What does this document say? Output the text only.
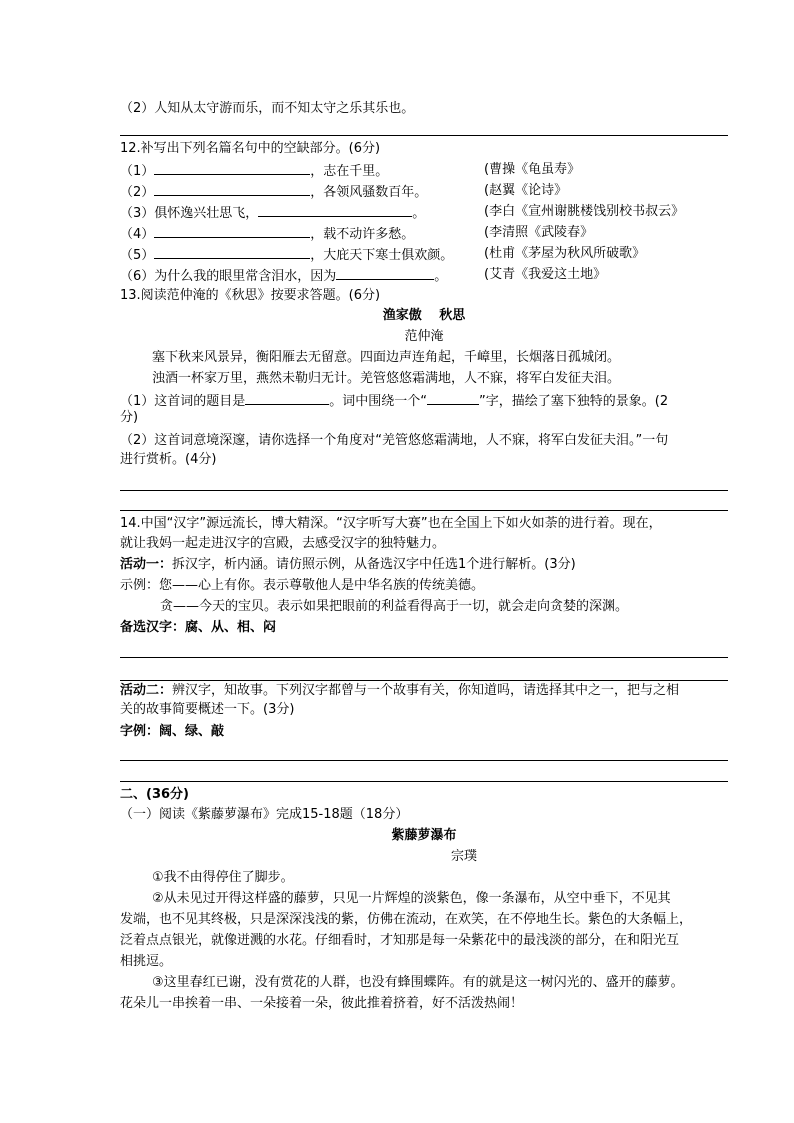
（2）人知从太守游而乐，而不知太守之乐其乐也。
12.补写出下列名篇名句中的空缺部分。(6分)
（1）	，志在千里。	(曹操《龟虽寿》
（2）	，各领风骚数百年。	(赵翼《论诗》
（3）俱怀逸兴壮思飞，	。	(李白《宣州谢脁楼饯别校书叔云》
（4）	，载不动许多愁。	(李清照《武陵春》
（5）	，大庇天下寒士俱欢颜。 (杜甫《茅屋为秋风所破歌》
（6）为什么我的眼里常含泪水，因为	。	(艾青《我爱这土地》
13.阅读范仲淹的《秋思》按要求答题。(6分)
渔家傲　 秋思
范仲淹
塞下秋来风景异，衡阳雁去无留意。四面边声连角起，千嶂里，长烟落日孤城闭。
浊酒一杯家万里，燕然未勒归无计。羌管悠悠霜满地，人不寐，将军白发征夫泪。
（1）这首词的题目是	。词中围绕一个“	”字，描绘了塞下独特的景象。(2
分)
（2）这首词意境深邃，请你选择一个角度对“羌管悠悠霜满地，人不寐，将军白发征夫泪。”一句
进行赏析。(4分)
14.中国“汉字”源远流长，博大精深。“汉字听写大赛”也在全国上下如火如荼的进行着。现在，
就让我妈一起走进汉字的宫殿，去感受汉字的独特魅力。
活动一：拆汉字，析内涵。请仿照示例，从备选汉字中任选1个进行解析。(3分)
示例：您——心上有你。表示尊敬他人是中华名族的传统美德。
贪——今天的宝贝。表示如果把眼前的利益看得高于一切，就会走向贪婪的深渊。
备选汉字：腐、从、相、闷
活动二：辨汉字，知故事。下列汉字都曾与一个故事有关，你知道吗，请选择其中之一，把与之相
关的故事简要概述一下。(3分)
字例：阔、绿、敲
二、(36分)
（一）阅读《紫藤萝瀑布》完成15-18题（18分）
紫藤萝瀑布
宗璞
①我不由得停住了脚步。
②从未见过开得这样盛的藤萝，只见一片辉煌的淡紫色，像一条瀑布，从空中垂下，不见其
发端，也不见其终极，只是深深浅浅的紫，仿佛在流动，在欢笑，在不停地生长。紫色的大条幅上，
泛着点点银光，就像迸溅的水花。仔细看时，才知那是每一朵紫花中的最浅淡的部分，在和阳光互
相挑逗。
③这里春红已谢，没有赏花的人群，也没有蜂围蝶阵。有的就是这一树闪光的、盛开的藤萝。
花朵儿一串挨着一串、一朵接着一朵，彼此推着挤着，好不活泼热闹！
